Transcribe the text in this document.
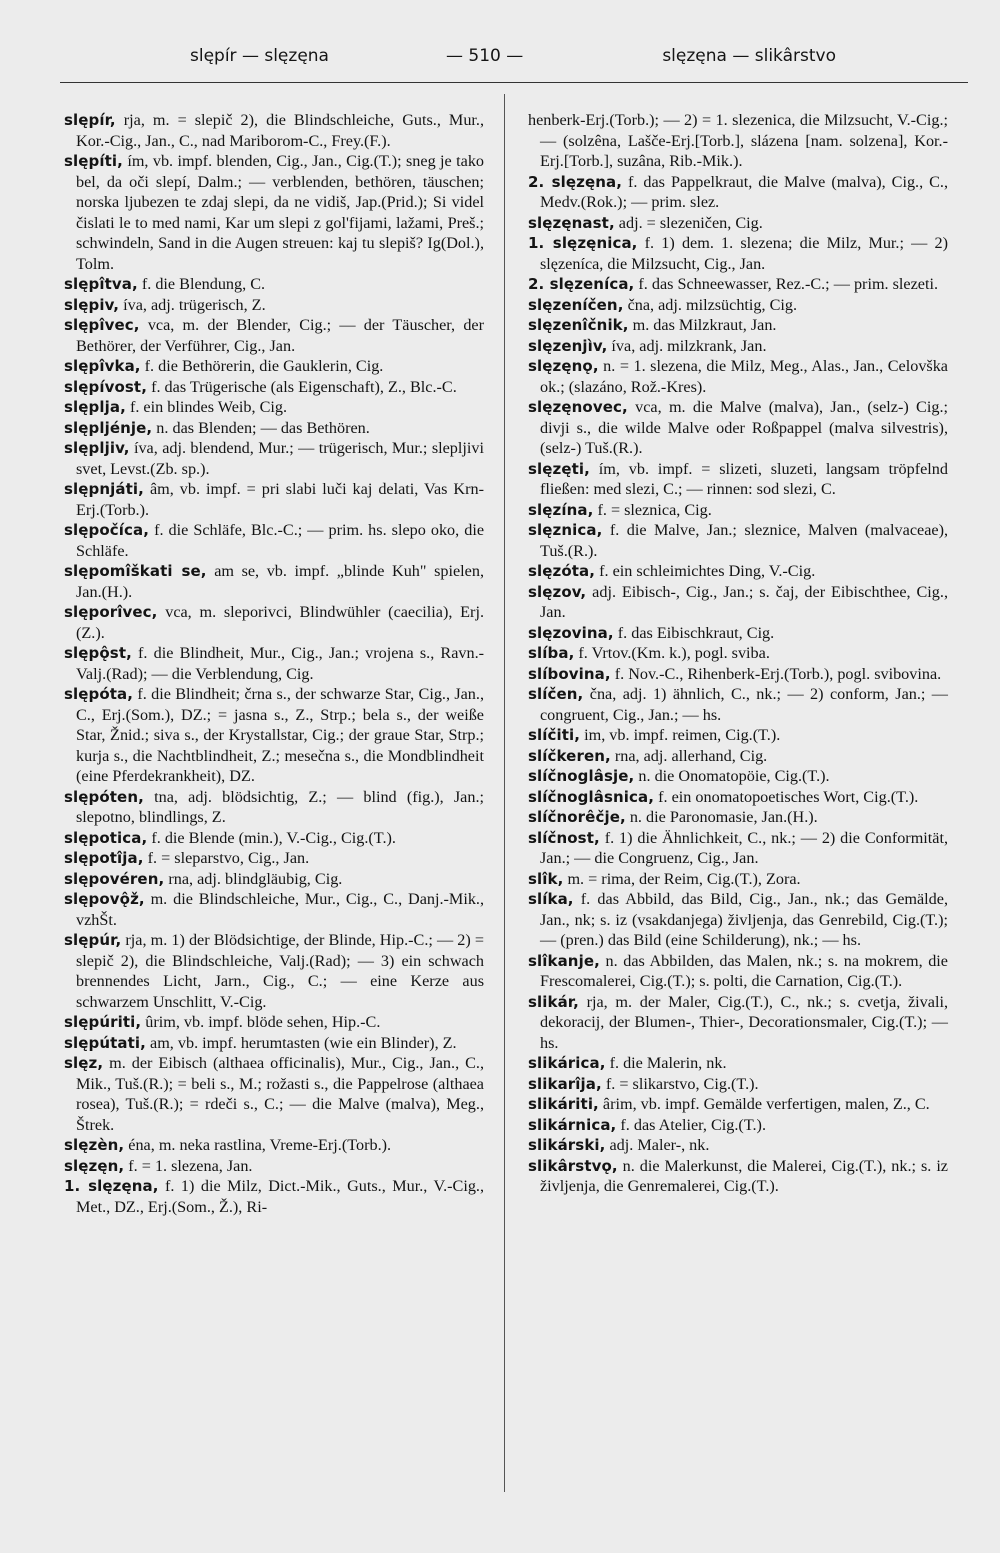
slępír — slęzęna	— 510 —	slęzęna — slikârstvo

slępír, rja, m. = slepič 2), die Blindschleiche, Guts., Mur., Kor.-Cig., Jan., C., nad Mariborom-C., Frey.(F.).

slępíti, ím, vb. impf. blenden, Cig., Jan., Cig.(T.); sneg je tako bel, da oči slepí, Dalm.; — verblenden, bethören, täuschen; norska ljubezen te zdaj slepi, da ne vidiš, Jap.(Prid.); Si videl čislati le to med nami, Kar um slepi z gol'fijami, lažami, Preš.; schwindeln, Sand in die Augen streuen: kaj tu slepiš? Ig(Dol.), Tolm.

slępîtva, f. die Blendung, C.

slępiv, íva, adj. trügerisch, Z.

slępîvec, vca, m. der Blender, Cig.; — der Täuscher, der Bethörer, der Verführer, Cig., Jan.

slępîvka, f. die Bethörerin, die Gauklerin, Cig.

slępívost, f. das Trügerische (als Eigenschaft), Z., Blc.-C.

slęplja, f. ein blindes Weib, Cig.

slępljénje, n. das Blenden; — das Bethören.

slępljiv, íva, adj. blendend, Mur.; — trügerisch, Mur.; slepljivi svet, Levst.(Zb. sp.).

slępnjáti, âm, vb. impf. = pri slabi luči kaj delati, Vas Krn-Erj.(Torb.).

slępočíca, f. die Schläfe, Blc.-C.; — prim. hs. slepo oko, die Schläfe.

slępomîškati se, am se, vb. impf. „blinde Kuh" spielen, Jan.(H.).

slęporîvec, vca, m. sleporivci, Blindwühler (caecilia), Erj.(Z.).

slępǫ̂st, f. die Blindheit, Mur., Cig., Jan.; vrojena s., Ravn.-Valj.(Rad); — die Verblendung, Cig.

slępóta, f. die Blindheit; črna s., der schwarze Star, Cig., Jan., C., Erj.(Som.), DZ.; = jasna s., Z., Strp.; bela s., der weiße Star, Žnid.; siva s., der Krystallstar, Cig.; der graue Star, Strp.; kurja s., die Nachtblindheit, Z.; mesečna s., die Mondblindheit (eine Pferdekrankheit), DZ.

slępóten, tna, adj. blödsichtig, Z.; — blind (fig.), Jan.; slepotno, blindlings, Z.

slępotica, f. die Blende (min.), V.-Cig., Cig.(T.).

slępotîja, f. = sleparstvo, Cig., Jan.

slępovéren, rna, adj. blindgläubig, Cig.

slępovǫ̂ž, m. die Blindschleiche, Mur., Cig., C., Danj.-Mik., vzhŠt.

slępúr, rja, m. 1) der Blödsichtige, der Blinde, Hip.-C.; — 2) = slepič 2), die Blindschleiche, Valj.(Rad); — 3) ein schwach brennendes Licht, Jarn., Cig., C.; — eine Kerze aus schwarzem Unschlitt, V.-Cig.

slępúriti, ûrim, vb. impf. blöde sehen, Hip.-C.

slępútati, am, vb. impf. herumtasten (wie ein Blinder), Z.

slęz, m. der Eibisch (althaea officinalis), Mur., Cig., Jan., C., Mik., Tuš.(R.); = beli s., M.; rožasti s., die Pappelrose (althaea rosea), Tuš.(R.); = rdeči s., C.; — die Malve (malva), Meg., Štrek.

slęzèn, éna, m. neka rastlina, Vreme-Erj.(Torb.).

slęzęn, f. = 1. slezena, Jan.

1. slęzęna, f. 1) die Milz, Dict.-Mik., Guts., Mur., V.-Cig., Met., DZ., Erj.(Som., Ž.), Ri-

henberk-Erj.(Torb.); — 2) = 1. slezenica, die Milzsucht, V.-Cig.; — (solzêna, Lašče-Erj.[Torb.], slázena [nam. solzena], Kor.-Erj.[Torb.], suzâna, Rib.-Mik.).

2. slęzęna, f. das Pappelkraut, die Malve (malva), Cig., C., Medv.(Rok.); — prim. slez.

slęzęnast, adj. = slezeničen, Cig.

1. slęzęnica, f. 1) dem. 1. slezena; die Milz, Mur.; — 2) slęzeníca, die Milzsucht, Cig., Jan.

2. slęzeníca, f. das Schneewasser, Rez.-C.; — prim. slezeti.

slęzeníčen, čna, adj. milzsüchtig, Cig.

slęzenîčnik, m. das Milzkraut, Jan.

slęzenjìv, íva, adj. milzkrank, Jan.

slęzęnǫ, n. = 1. slezena, die Milz, Meg., Alas., Jan., Celovška ok.; (slazáno, Rož.-Kres).

slęzęnovec, vca, m. die Malve (malva), Jan., (selz-) Cig.; divji s., die wilde Malve oder Roßpappel (malva silvestris), (selz-) Tuš.(R.).

slęzęti, ím, vb. impf. = slizeti, sluzeti, langsam tröpfelnd fließen: med slezi, C.; — rinnen: sod slezi, C.

slęzína, f. = sleznica, Cig.

slęznica, f. die Malve, Jan.; sleznice, Malven (malvaceae), Tuš.(R.).

slęzóta, f. ein schleimichtes Ding, V.-Cig.

slęzov, adj. Eibisch-, Cig., Jan.; s. čaj, der Eibischthee, Cig., Jan.

slęzovina, f. das Eibischkraut, Cig.

slíba, f. Vrtov.(Km. k.), pogl. sviba.

slíbovina, f. Nov.-C., Rihenberk-Erj.(Torb.), pogl. svibovina.

slíčen, čna, adj. 1) ähnlich, C., nk.; — 2) conform, Jan.; — congruent, Cig., Jan.; — hs.

slíčiti, im, vb. impf. reimen, Cig.(T.).

slíčkeren, rna, adj. allerhand, Cig.

slíčnoglâsje, n. die Onomatopöie, Cig.(T.).

slíčnoglâsnica, f. ein onomatopoetisches Wort, Cig.(T.).

slíčnorêčje, n. die Paronomasie, Jan.(H.).

slíčnost, f. 1) die Ähnlichkeit, C., nk.; — 2) die Conformität, Jan.; — die Congruenz, Cig., Jan.

slîk, m. = rima, der Reim, Cig.(T.), Zora.

slíka, f. das Abbild, das Bild, Cig., Jan., nk.; das Gemälde, Jan., nk; s. iz (vsakdanjega) življenja, das Genrebild, Cig.(T.); — (pren.) das Bild (eine Schilderung), nk.; — hs.

slîkanje, n. das Abbilden, das Malen, nk.; s. na mokrem, die Frescomalerei, Cig.(T.); s. polti, die Carnation, Cig.(T.).

slikár, rja, m. der Maler, Cig.(T.), C., nk.; s. cvetja, živali, dekoracij, der Blumen-, Thier-, Decorationsmaler, Cig.(T.); — hs.

slikárica, f. die Malerin, nk.

slikarîja, f. = slikarstvo, Cig.(T.).

slikáriti, ârim, vb. impf. Gemälde verfertigen, malen, Z., C.

slikárnica, f. das Atelier, Cig.(T.).

slikárski, adj. Maler-, nk.

slikârstvǫ, n. die Malerkunst, die Malerei, Cig.(T.), nk.; s. iz življenja, die Genremalerei, Cig.(T.).
